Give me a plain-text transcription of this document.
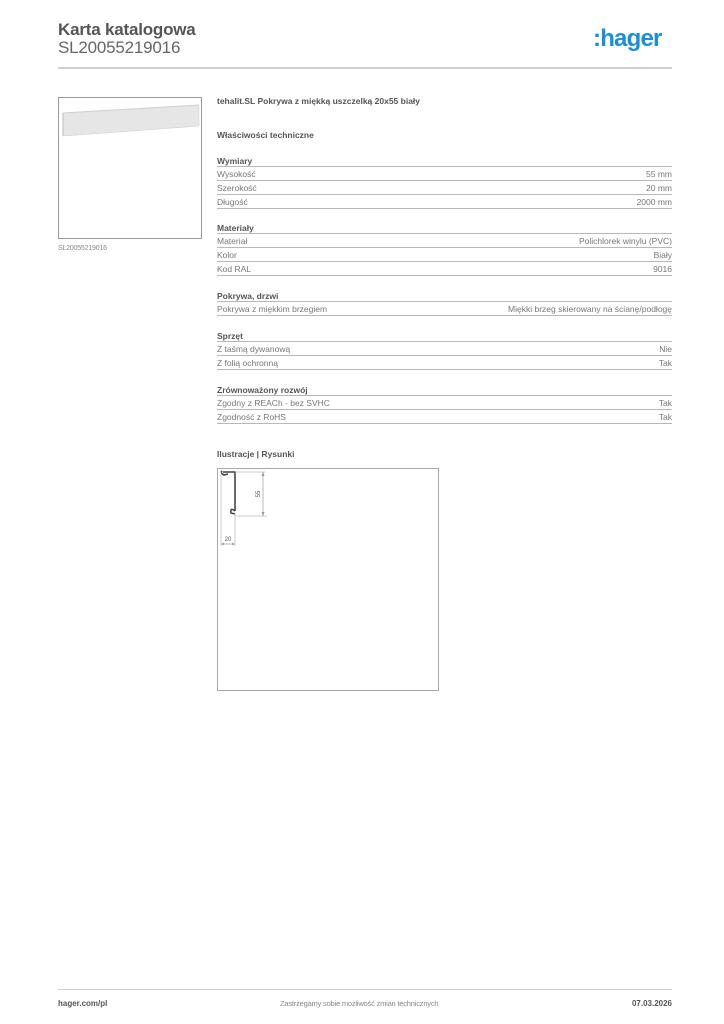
Karta katalogowa
SL20055219016	:hager
SL20055219016
tehalit.SL Pokrywa z miękką uszczelką 20x55 biały
Właściwości techniczne
Wymiary
Wysokość	55 mm
Szerokość	20 mm
Długość	2000 mm
Materiały
Materiał	Polichlorek winylu (PVC)
Kolor	Biały
Kod RAL	9016
Pokrywa, drzwi
Pokrywa z miękkim brzegiem	Miękki brzeg skierowany na ścianę/podłogę
Sprzęt
Z taśmą dywanową	Nie
Z folią ochronną	Tak
Zrównoważony rozwój
Zgodny z REACh - bez SVHC	Tak
Zgodność z RoHS	Tak
Ilustracje | Rysunki
55
20
hager.com/pl	Zastrzegamy sobie możliwość zmian technicznych	07.03.2026
